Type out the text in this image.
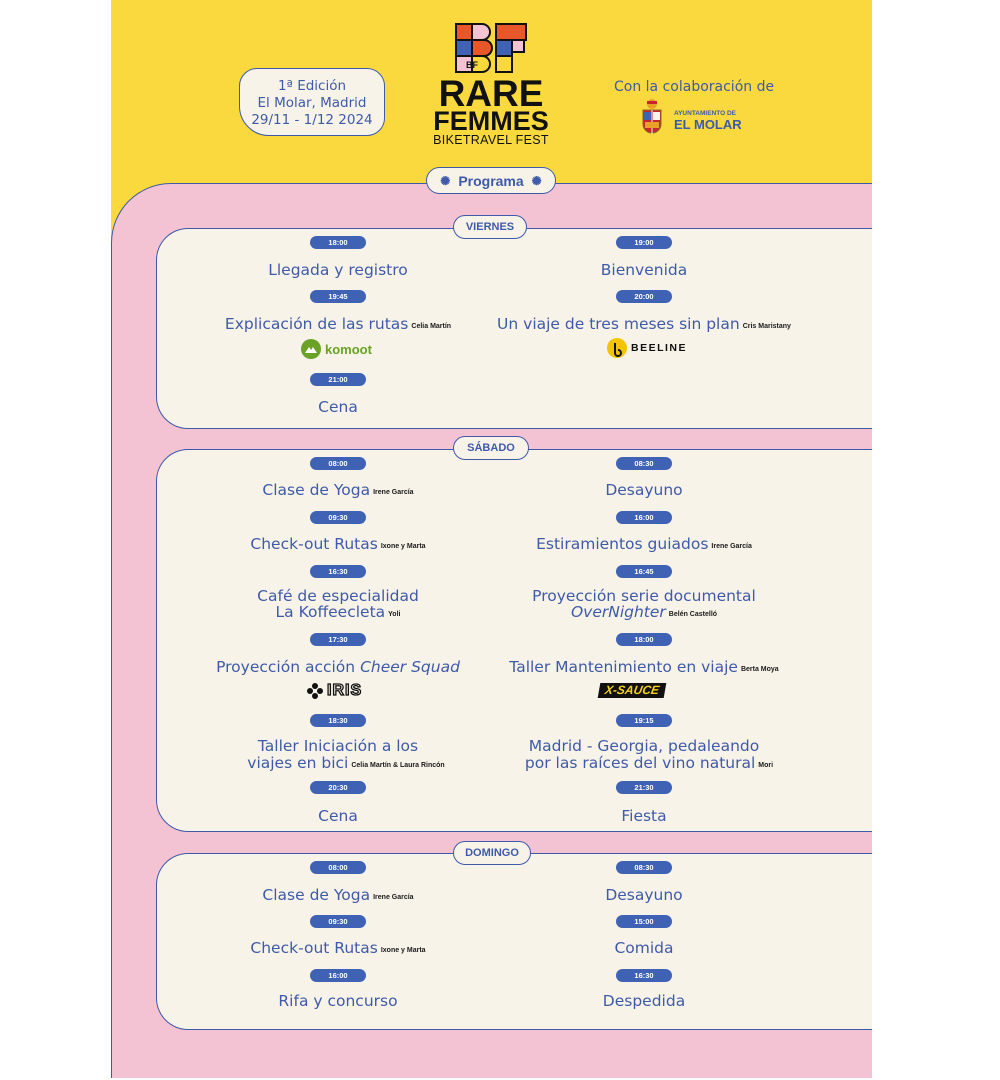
1ª Edición
El Molar, Madrid
29/11 - 1/12 2024
BF
RARE
FEMMES
BIKETRAVEL FEST
Con la colaboración de
AYUNTAMIENTO DE
EL MOLAR
✺ Programa ✺
VIERNES
18:00
Llegada y registro
19:45
Explicación de las rutas Celia Martín
komoot
21:00
Cena
19:00
Bienvenida
20:00
Un viaje de tres meses sin plan Cris Maristany
BEELINE
SÁBADO
08:00
Clase de Yoga Irene García
09:30
Check-out Rutas Ixone y Marta
16:30
Café de especialidad
La Koffeecleta Yoli
17:30
Proyección acción Cheer Squad
IRIS
18:30
Taller Iniciación a los
viajes en bici Celia Martín & Laura Rincón
20:30
Cena
08:30
Desayuno
16:00
Estiramientos guiados Irene García
16:45
Proyección serie documental
OverNighter Belén Castelló
18:00
Taller Mantenimiento en viaje Berta Moya
X-SAUCE
19:15
Madrid - Georgia, pedaleando
por las raíces del vino natural Mori
21:30
Fiesta
DOMINGO
08:00
Clase de Yoga Irene García
09:30
Check-out Rutas Ixone y Marta
16:00
Rifa y concurso
08:30
Desayuno
15:00
Comida
16:30
Despedida
